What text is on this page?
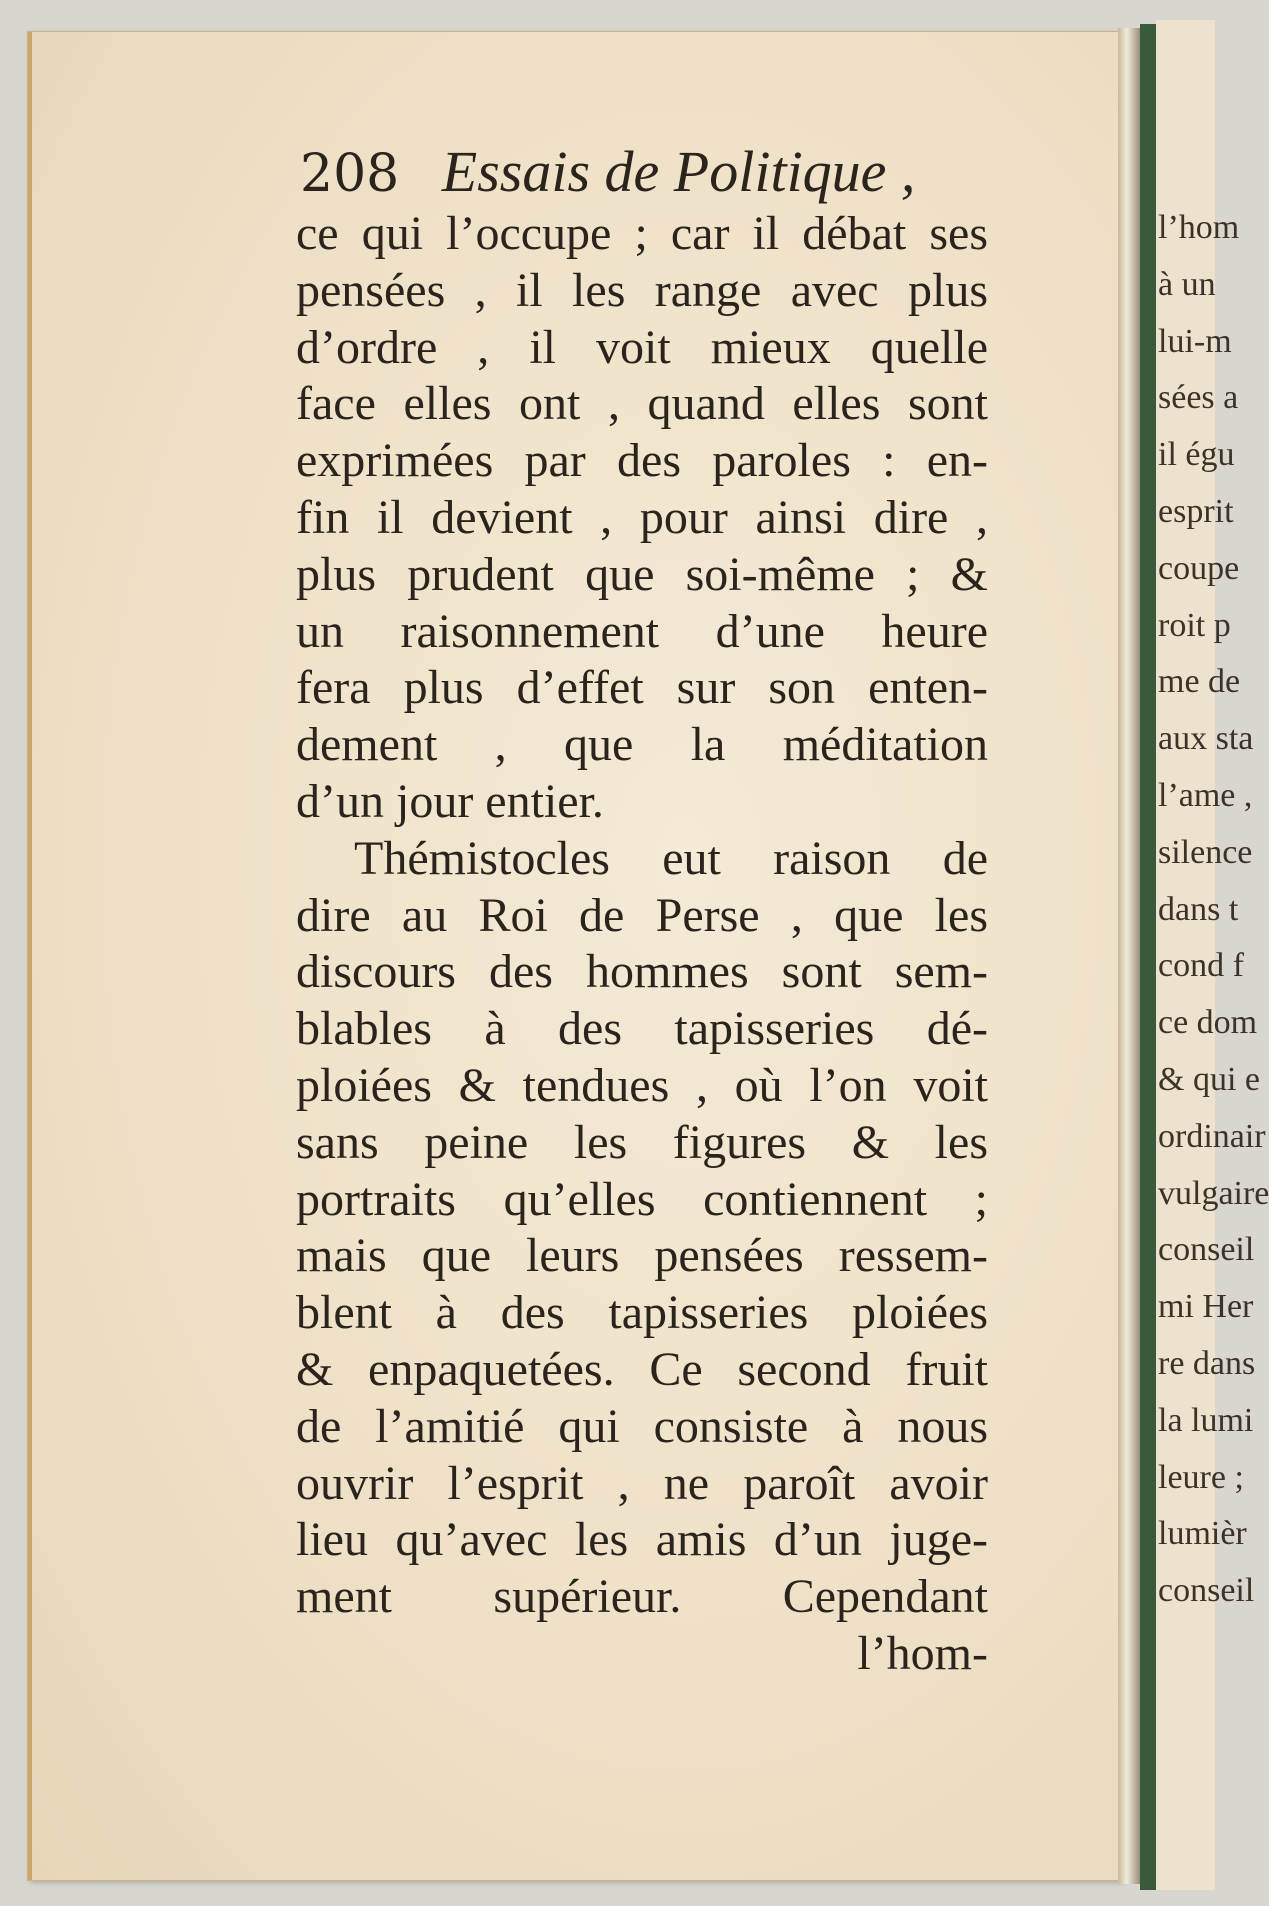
l’hom
à un
lui-m
sées a
il égu
esprit
coupe
roit p
me de
aux sta
l’ame ,
silence
dans t
cond f
ce dom
& qui e
ordinair
vulgaire
conseil
mi Her
re dans
la lumi
leure ;
lumièr
conseil
208 Essais de Politique ,
ce qui l’occupe ; car il débat ses
pensées , il les range avec plus
d’ordre , il voit mieux quelle
face elles ont , quand elles sont
exprimées par des paroles : en-
fin il devient , pour ainsi dire ,
plus prudent que soi-même ; &
un raisonnement d’une heure
fera plus d’effet sur son enten-
dement , que la méditation
d’un jour entier.
Thémistocles eut raison de
dire au Roi de Perse , que les
discours des hommes sont sem-
blables à des tapisseries dé-
ploiées & tendues , où l’on voit
sans peine les figures & les
portraits qu’elles contiennent ;
mais que leurs pensées ressem-
blent à des tapisseries ploiées
& enpaquetées. Ce second fruit
de l’amitié qui consiste à nous
ouvrir l’esprit , ne paroît avoir
lieu qu’avec les amis d’un juge-
ment supérieur. Cependant
l’hom-
